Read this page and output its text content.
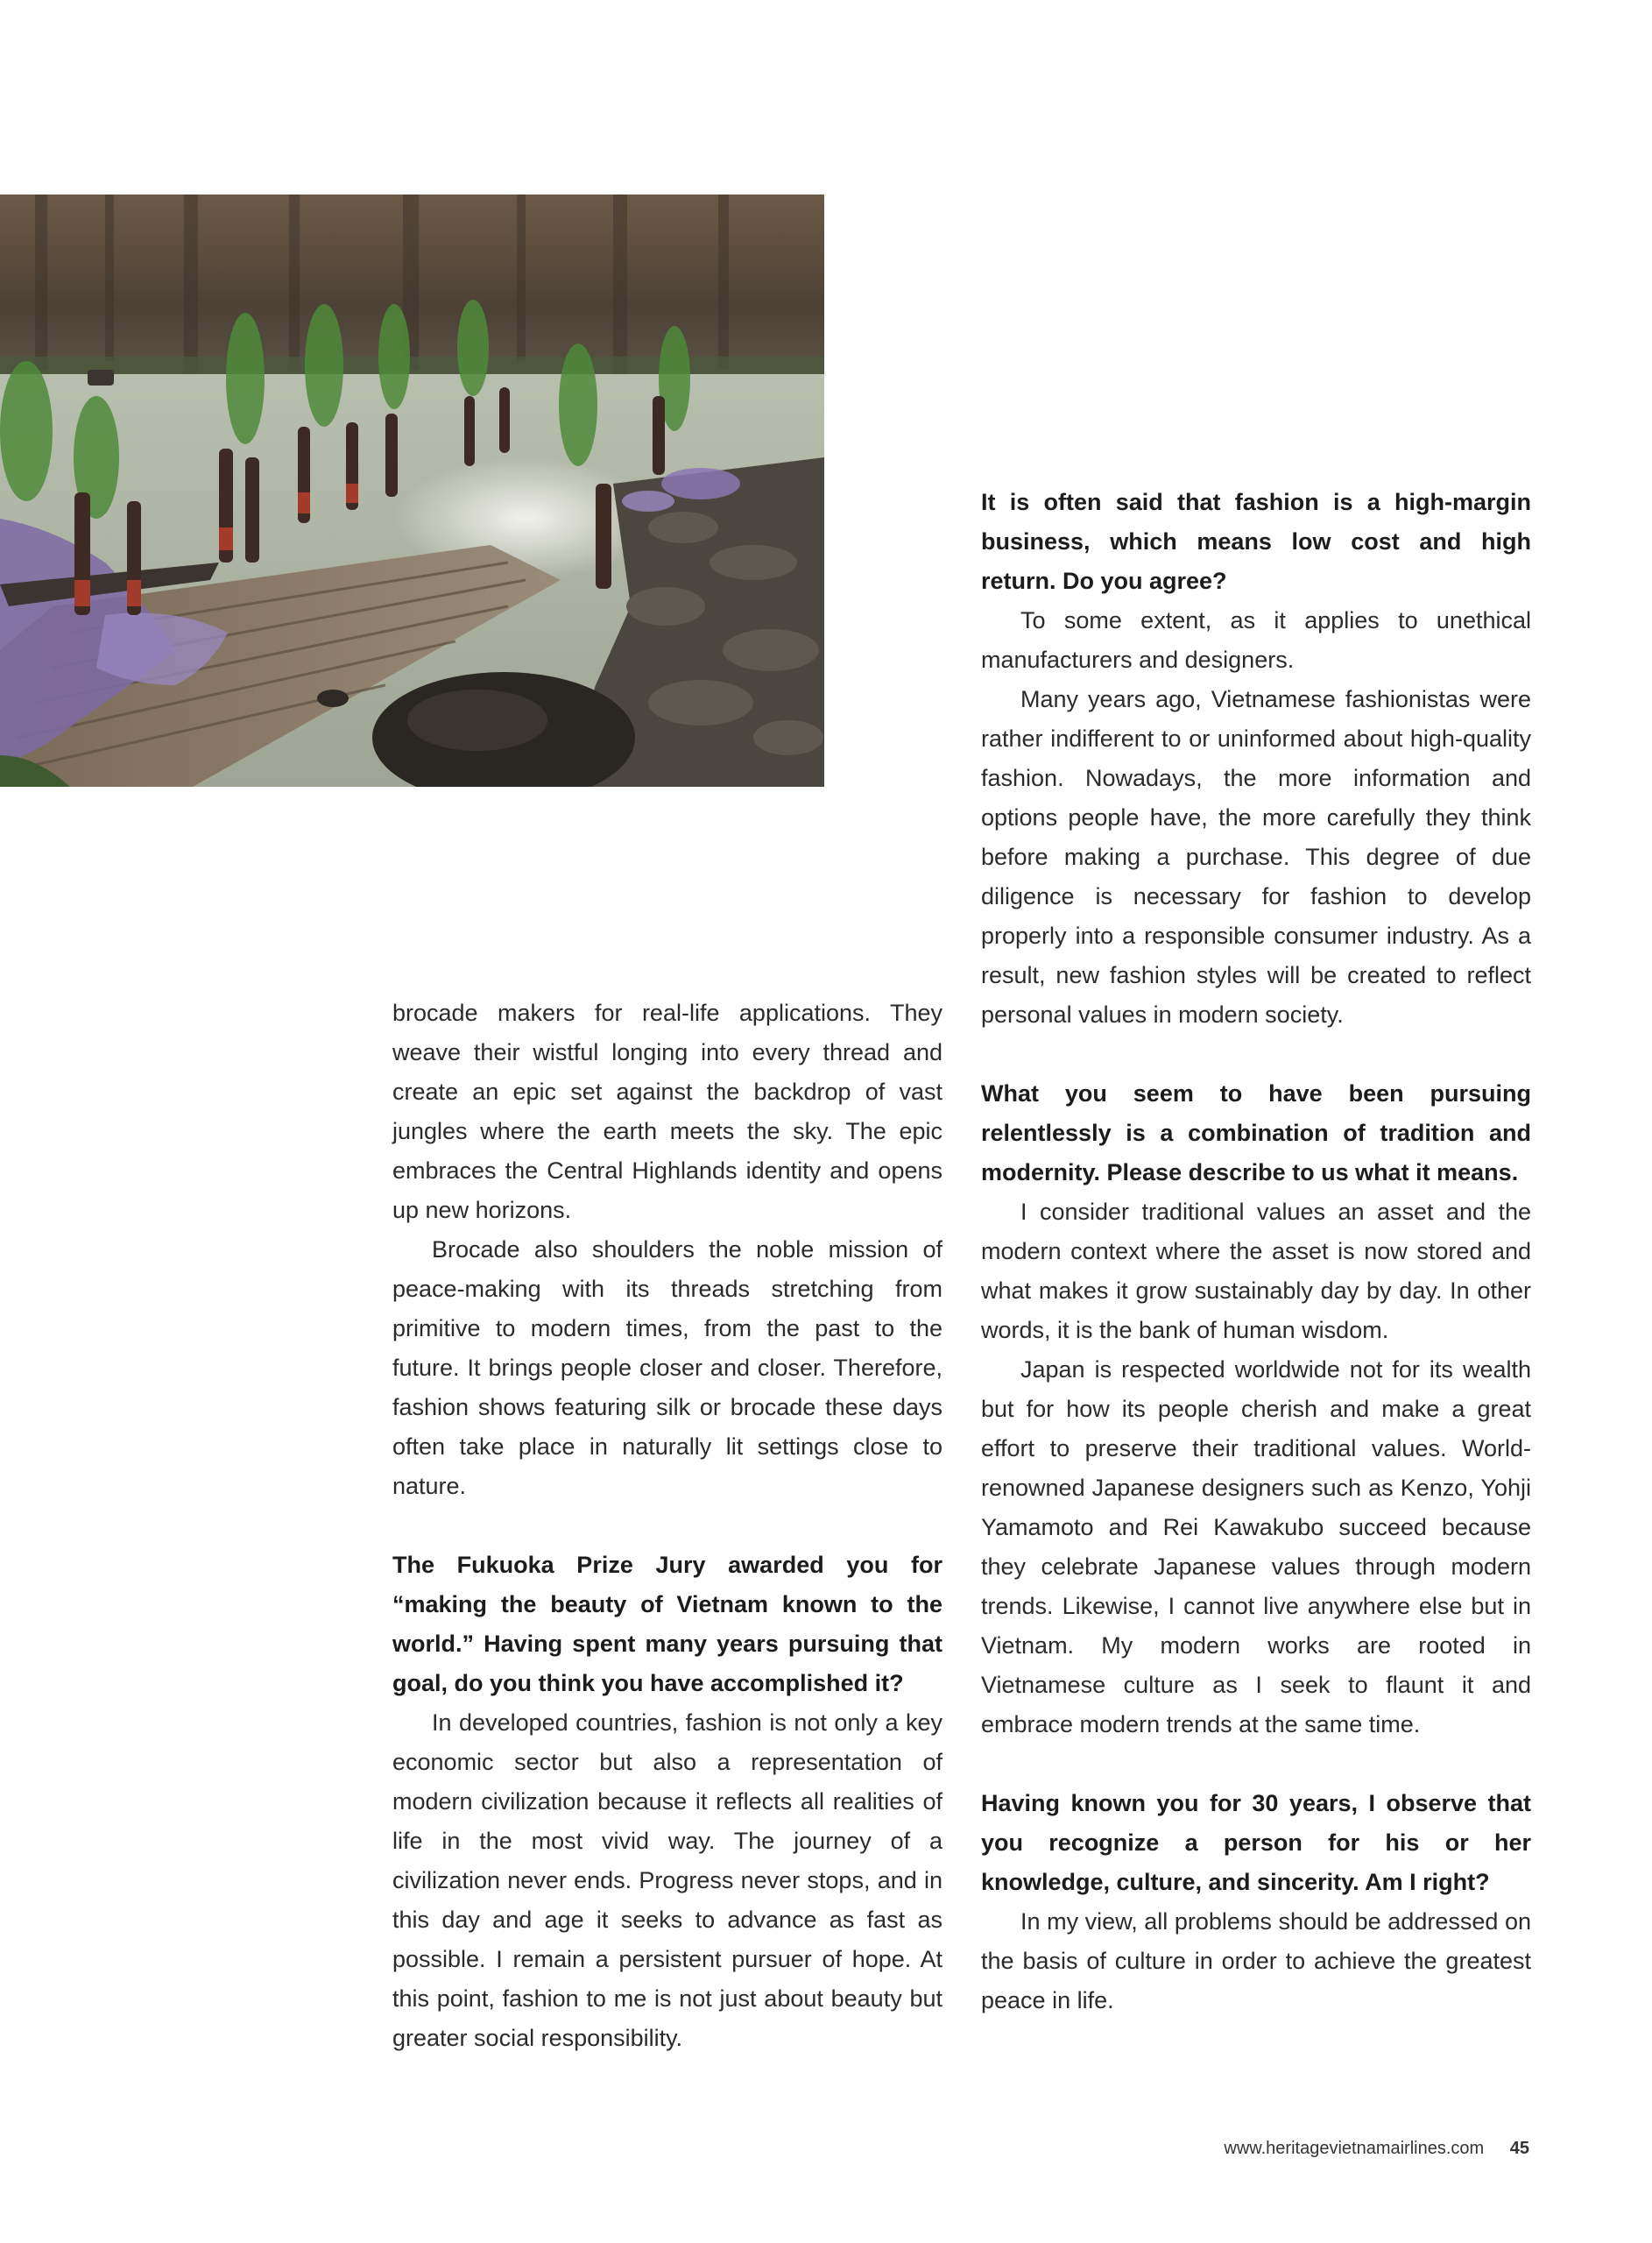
brocade makers for real-life applications. They weave their wistful longing into every thread and create an epic set against the backdrop of vast jungles where the earth meets the sky. The epic embraces the Central Highlands identity and opens up new horizons.

Brocade also shoulders the noble mission of peace-making with its threads stretching from primitive to modern times, from the past to the future. It brings people closer and closer. Therefore, fashion shows featuring silk or brocade these days often take place in naturally lit settings close to nature.

The Fukuoka Prize Jury awarded you for “making the beauty of Vietnam known to the world.” Having spent many years pursuing that goal, do you think you have accomplished it?

In developed countries, fashion is not only a key economic sector but also a representation of modern civilization because it reflects all realities of life in the most vivid way. The journey of a civilization never ends. Progress never stops, and in this day and age it seeks to advance as fast as possible. I remain a persistent pursuer of hope. At this point, fashion to me is not just about beauty but greater social responsibility.

It is often said that fashion is a high-margin business, which means low cost and high return. Do you agree?

To some extent, as it applies to unethical manufacturers and designers.

Many years ago, Vietnamese fashionistas were rather indifferent to or uninformed about high-quality fashion. Nowadays, the more information and options people have, the more carefully they think before making a purchase. This degree of due diligence is necessary for fashion to develop properly into a responsible consumer industry. As a result, new fashion styles will be created to reflect personal values in modern society.

What you seem to have been pursuing relentlessly is a combination of tradition and modernity. Please describe to us what it means.

I consider traditional values an asset and the modern context where the asset is now stored and what makes it grow sustainably day by day. In other words, it is the bank of human wisdom.

Japan is respected worldwide not for its wealth but for how its people cherish and make a great effort to preserve their traditional values. World-renowned Japanese designers such as Kenzo, Yohji Yamamoto and Rei Kawakubo succeed because they celebrate Japanese values through modern trends. Likewise, I cannot live anywhere else but in Vietnam. My modern works are rooted in Vietnamese culture as I seek to flaunt it and embrace modern trends at the same time.

Having known you for 30 years, I observe that you recognize a person for his or her knowledge, culture, and sincerity. Am I right?

In my view, all problems should be addressed on the basis of culture in order to achieve the greatest peace in life.

www.heritagevietnamairlines.com 45
